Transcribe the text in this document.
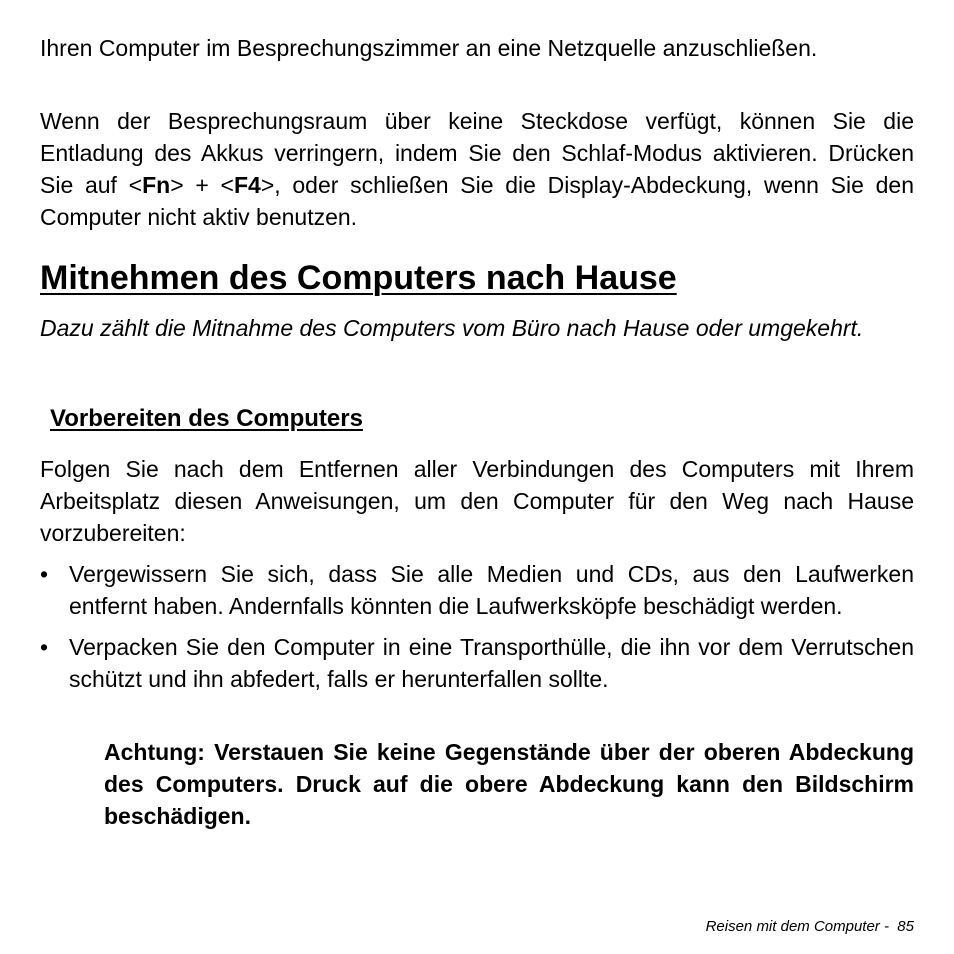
Ihren Computer im Besprechungszimmer an eine Netzquelle anzuschließen.

Wenn der Besprechungsraum über keine Steckdose verfügt, können Sie die Entladung des Akkus verringern, indem Sie den Schlaf-Modus aktivieren. Drücken Sie auf <Fn> + <F4>, oder schließen Sie die Display-Abdeckung, wenn Sie den Computer nicht aktiv benutzen.

Mitnehmen des Computers nach Hause

Dazu zählt die Mitnahme des Computers vom Büro nach Hause oder umgekehrt.

Vorbereiten des Computers

Folgen Sie nach dem Entfernen aller Verbindungen des Computers mit Ihrem Arbeitsplatz diesen Anweisungen, um den Computer für den Weg nach Hause vorzubereiten:

• Vergewissern Sie sich, dass Sie alle Medien und CDs, aus den Laufwerken entfernt haben. Andernfalls könnten die Laufwerksköpfe beschädigt werden.
• Verpacken Sie den Computer in eine Transporthülle, die ihn vor dem Verrutschen schützt und ihn abfedert, falls er herunterfallen sollte.

Achtung: Verstauen Sie keine Gegenstände über der oberen Abdeckung des Computers. Druck auf die obere Abdeckung kann den Bildschirm beschädigen.

Reisen mit dem Computer -  85
